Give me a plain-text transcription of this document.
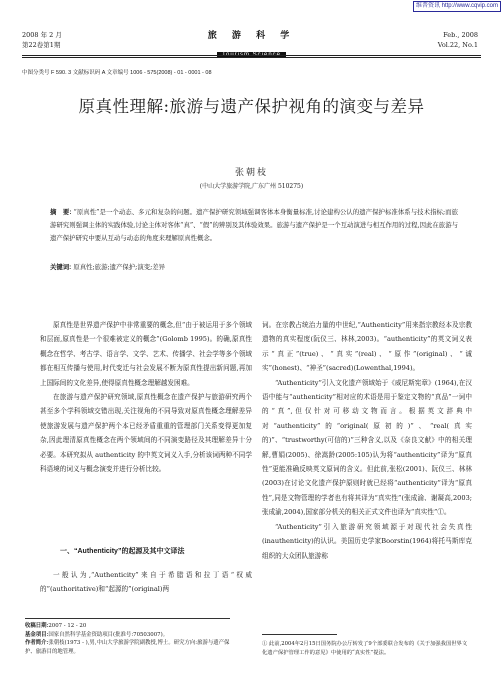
维普资讯 http://www.cqvip.com
2008 年 2 月
第22卷第1期
旅 游 科 学
Tourism Science
Feb., 2008
Vol.22, No.1
中图分类号 F 590. 3 文献标识码 A 文章编号 1006 - 575(2008) - 01 - 0001 - 08
原真性理解:旅游与遗产保护视角的演变与差异
张朝枝
(中山大学旅游学院,广东广州 510275)
摘　要: “原真性”是一个动态、多元和复杂的问题。遗产保护研究领域强调客体本身衡量标准,讨论建构公认的遗产保护标准体系与技术指标;而旅游研究则强调主体的实践体验,讨论主体对客体“真”、“假”的辨别及其体验效果。旅游与遗产保护是一个互动演进与相互作用的过程,因此在旅游与遗产保护研究中要从互动与动态的角度来理解原真性概念。
关键词: 原真性;旅游;遗产保护;演变;差异

原真性是世界遗产保护中非常重要的概念,但“由于被运用于多个领域和层面,原真性是一个很难被定义的概念”(Golomb 1995)。的确,原真性概念在哲学、考古学、语言学、文学、艺术、传播学、社会学等多个领域都在相互传播与使用,时代变迁与社会发展不断为原真性提出新问题,再加上国际间的文化差异,使得原真性概念理解越发困难。

在旅游与遗产保护研究领域,原真性概念在遗产保护与旅游研究两个甚至多个学科领域交错出现,关注视角的不同导致对原真性概念理解差异使旅游发展与遗产保护两个本已经矛盾重重的管理部门关系变得更加复杂,因此理清原真性概念在两个领域间的不同演变路径及其理解差异十分必要。本研究拟从 authenticity 的中英文词义入手,分析该词两种不同学科语境的词义与概念演变并进行分析比较。

一、“Authenticity”的起源及其中文译法

一般认为,“Authenticity”来自于希腊语和拉丁语“权威的”(authoritative)和“起源的”(original)两

词。在宗教占统治力量的中世纪,“Authenticity”用来指宗教经本及宗教遗物的真实程度(阮仪三、林林,2003)。“authenticity”的英文词义表示“真正”(true)、“真实”(real)、“原作”(original)、“诚实”(honest)、“神圣”(sacred)(Lowenthal,1994)。

“Authenticity”引入文化遗产领域始于《威尼斯宪章》(1964),在汉语中能与“authenticity”相对应的术语是用于鉴定文物的“真品”一词中的“真”,但仅针对可移动文物而言。根据英文辞典中对“authenticity”的“original(原初的)”、“real(真实的)”、“trustworthy(可信的)”三种含义,以及《奈良文献》中的相关理解,曹娟(2005)、徐嵩龄(2005:105)认为将“authenticity”译为“原真性”更能准确反映英文原词的含义。但此前,张松(2001)、阮仪三、林林(2003)在讨论文化遗产保护原则时就已经将“authenticity”译为“原真性”,同是文物管理的学者也有将其译为“真实性”(张成渝、谢凝高,2003;张成渝,2004),国家部分机关的相关正式文件也译为“真实性”①。

“Authenticity”引入旅游研究领域源于对现代社会失真性(inauthenticity)的认识。美国历史学家Boorstin(1964)将托马斯库克组织的大众团队旅游称

收稿日期:2007 - 12 - 20
基金项目:国家自然科学基金资助项目(批准号:70503007)。
作者简介:张朝枝(1973 - ),男,中山大学旅游学院副教授,博士。研究方向:旅游与遗产保护、旅游目的地管理。
① 此前,2004年2月15日国务院办公厅转发了9个部委联合发布的《关于加强我国世界文化遗产保护管理工作的意见》中使用的“真实性”提法。
